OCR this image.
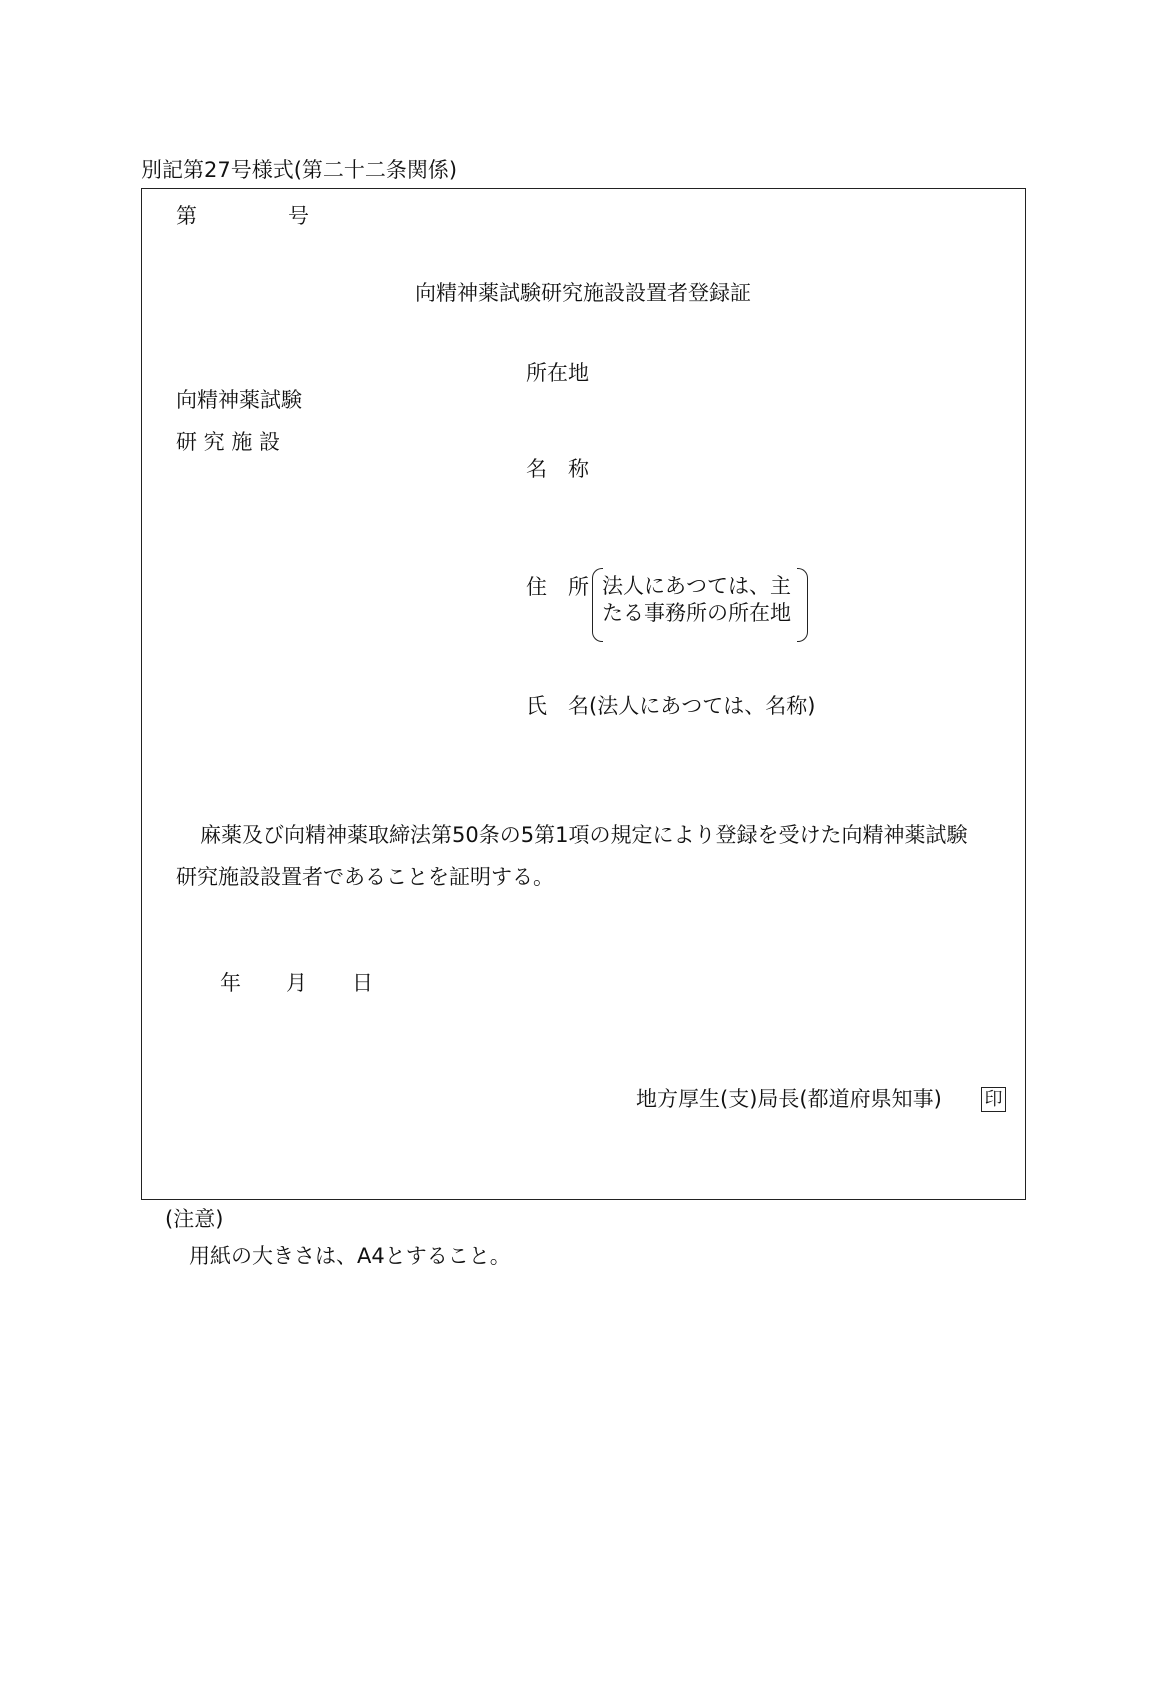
別記第27号様式(第二十二条関係)
第	号
向精神薬試験研究施設設置者登録証
所在地
向精神薬試験
研 究 施 設
名　称
住　所 法人にあつては、主
たる事務所の所在地
氏　名(法人にあつては、名称)
麻薬及び向精神薬取締法第50条の5第1項の規定により登録を受けた向精神薬試験
研究施設設置者であることを証明する。
年 月 日
地方厚生(支)局長(都道府県知事) 印
(注意)
用紙の大きさは、A4とすること。
